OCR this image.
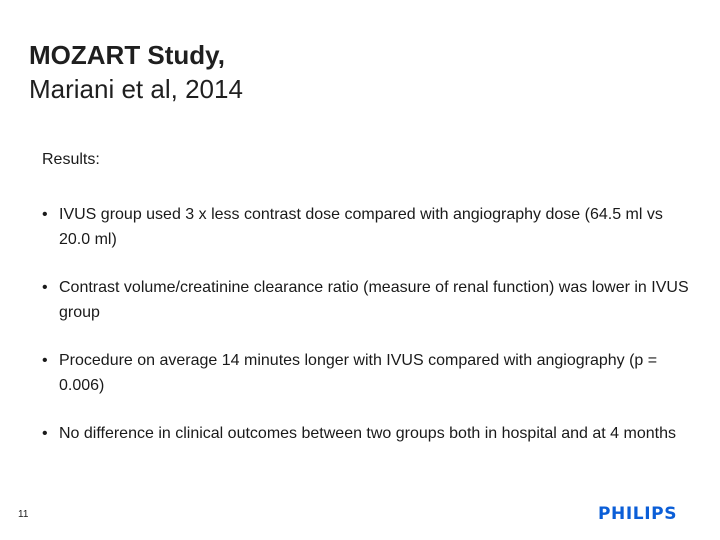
MOZART Study,
Mariani et al, 2014
Results:
• IVUS group used 3 x less contrast dose compared with angiography dose (64.5 ml vs 20.0 ml)
• Contrast volume/creatinine clearance ratio (measure of renal function) was lower in IVUS group
• Procedure on average 14 minutes longer with IVUS compared with angiography (p = 0.006)
• No difference in clinical outcomes between two groups both in hospital and at 4 months
11	PHILIPS
